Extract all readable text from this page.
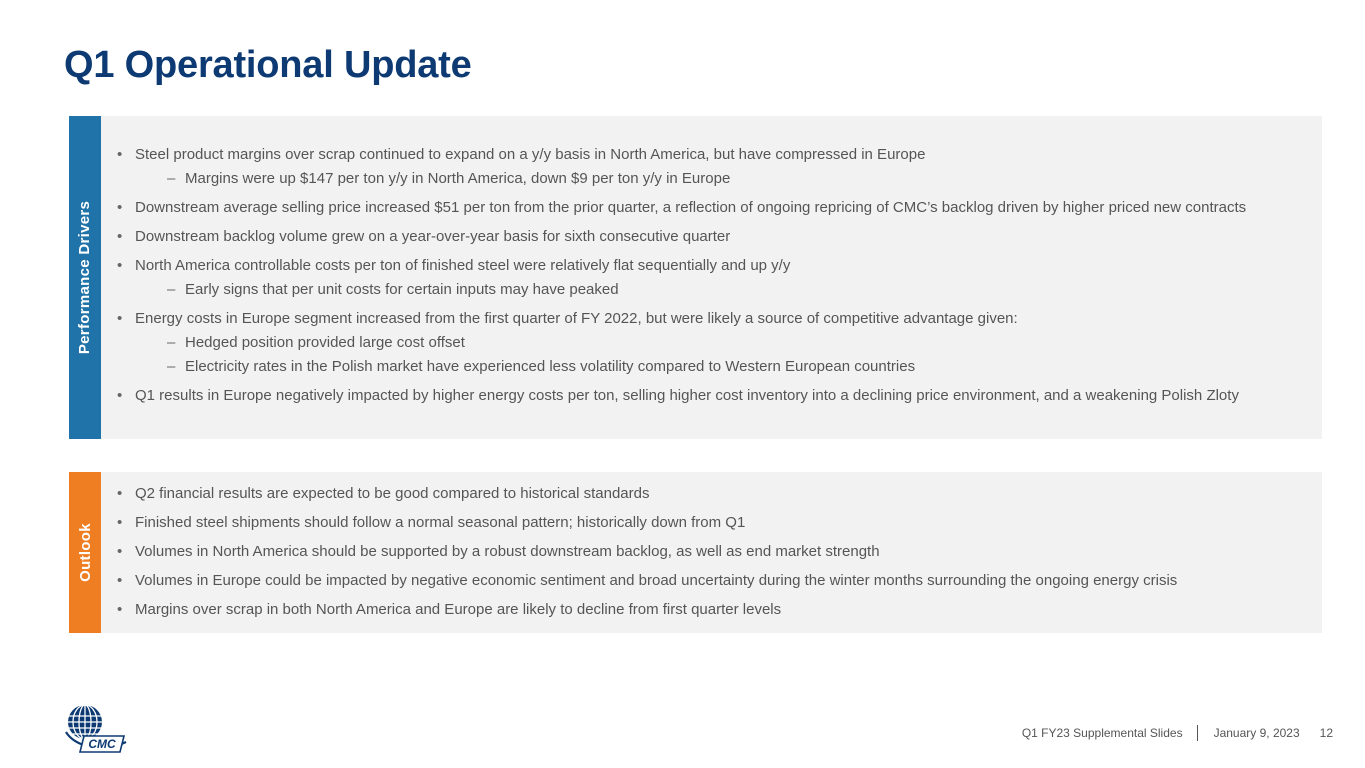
Q1 Operational Update
Performance Drivers
• Steel product margins over scrap continued to expand on a y/y basis in North America, but have compressed in Europe
– Margins were up $147 per ton y/y in North America, down $9 per ton y/y in Europe
• Downstream average selling price increased $51 per ton from the prior quarter, a reflection of ongoing repricing of CMC’s backlog driven by higher priced new contracts
• Downstream backlog volume grew on a year-over-year basis for sixth consecutive quarter
• North America controllable costs per ton of finished steel were relatively flat sequentially and up y/y
– Early signs that per unit costs for certain inputs may have peaked
• Energy costs in Europe segment increased from the first quarter of FY 2022, but were likely a source of competitive advantage given:
– Hedged position provided large cost offset
– Electricity rates in the Polish market have experienced less volatility compared to Western European countries
• Q1 results in Europe negatively impacted by higher energy costs per ton, selling higher cost inventory into a declining price environment, and a weakening Polish Zloty
Outlook
• Q2 financial results are expected to be good compared to historical standards
• Finished steel shipments should follow a normal seasonal pattern; historically down from Q1
• Volumes in North America should be supported by a robust downstream backlog, as well as end market strength
• Volumes in Europe could be impacted by negative economic sentiment and broad uncertainty during the winter months surrounding the ongoing energy crisis
• Margins over scrap in both North America and Europe are likely to decline from first quarter levels
CMC
Q1 FY23 Supplemental Slides	January 9, 2023 12
